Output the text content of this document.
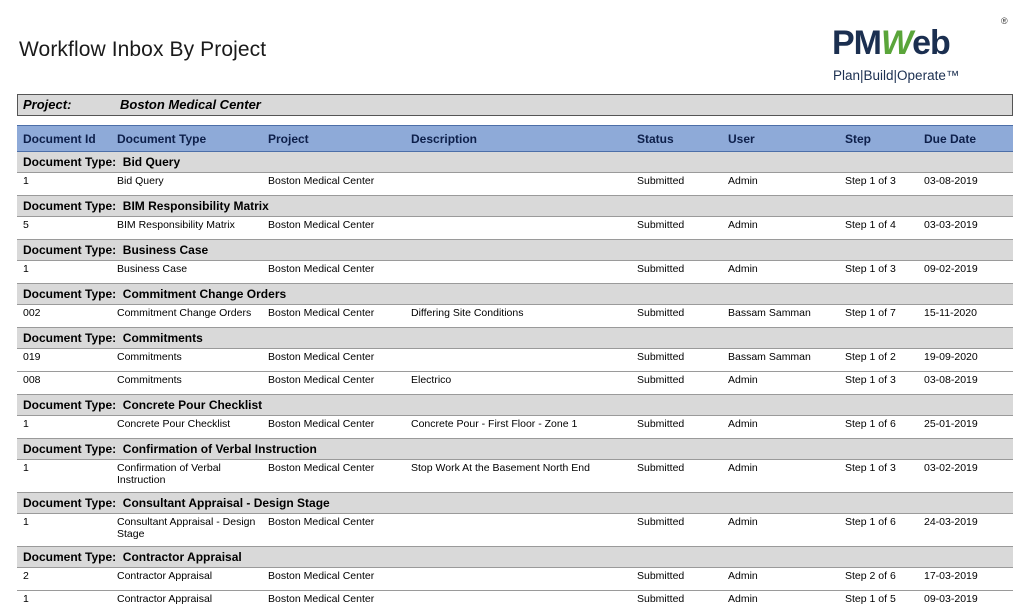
Workflow Inbox By Project	PMWeb
®
Plan|Build|Operate™
Project:	Boston Medical Center
Document Id	Document Type	Project	Description	Status	User	Step	Due Date
Document Type: Bid Query							
1	Bid Query	Boston Medical Center		Submitted	Admin	Step 1 of 3	03-08-2019
Document Type: BIM Responsibility Matrix							
5	BIM Responsibility Matrix	Boston Medical Center		Submitted	Admin	Step 1 of 4	03-03-2019
Document Type: Business Case							
1	Business Case	Boston Medical Center		Submitted	Admin	Step 1 of 3	09-02-2019
Document Type: Commitment Change Orders							
002	Commitment Change Orders	Boston Medical Center	Differing Site Conditions	Submitted	Bassam Samman	Step 1 of 7	15-11-2020
Document Type: Commitments							
019	Commitments	Boston Medical Center		Submitted	Bassam Samman	Step 1 of 2	19-09-2020
008	Commitments	Boston Medical Center	Electrico	Submitted	Admin	Step 1 of 3	03-08-2019
Document Type: Concrete Pour Checklist							
1	Concrete Pour Checklist	Boston Medical Center	Concrete Pour - First Floor - Zone 1	Submitted	Admin	Step 1 of 6	25-01-2019
Document Type: Confirmation of Verbal Instruction							
1	Confirmation of Verbal Instruction	Boston Medical Center	Stop Work At the Basement North End	Submitted	Admin	Step 1 of 3	03-02-2019
Document Type: Consultant Appraisal - Design Stage							
1	Consultant Appraisal - Design Stage	Boston Medical Center		Submitted	Admin	Step 1 of 6	24-03-2019
Document Type: Contractor Appraisal							
2	Contractor Appraisal	Boston Medical Center		Submitted	Admin	Step 2 of 6	17-03-2019
1	Contractor Appraisal	Boston Medical Center		Submitted	Admin	Step 1 of 5	09-03-2019
